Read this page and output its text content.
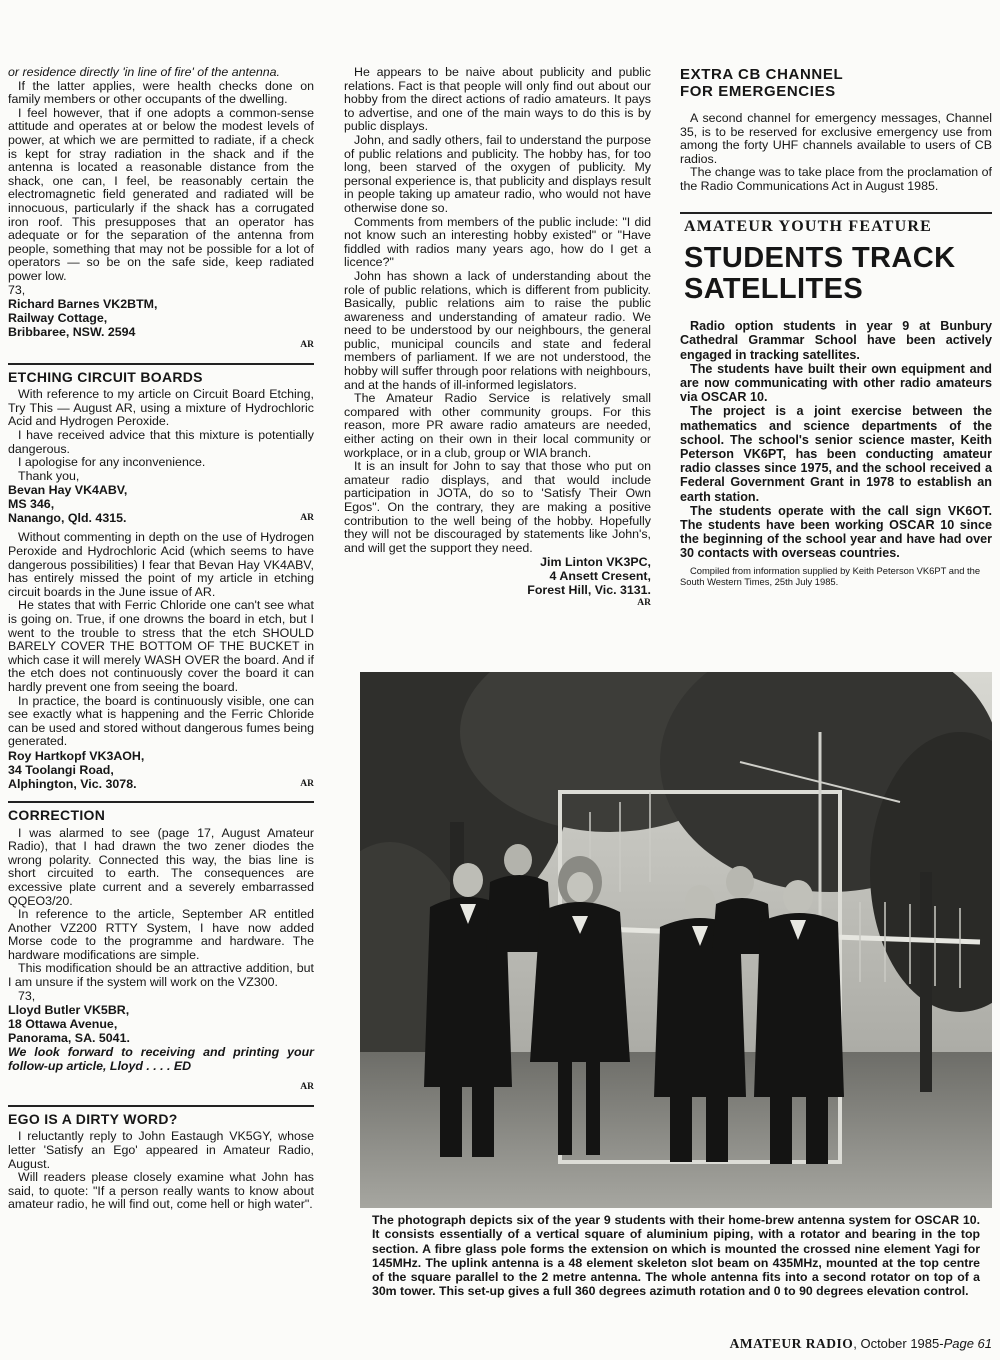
or residence directly 'in line of fire' of the antenna.

If the latter applies, were health checks done on family members or other occupants of the dwelling.

I feel however, that if one adopts a common-sense attitude and operates at or below the modest levels of power, at which we are permitted to radiate, if a check is kept for stray radiation in the shack and if the antenna is located a reasonable distance from the shack, one can, I feel, be reasonably certain the electromagnetic field generated and radiated will be innocuous, particularly if the shack has a corrugated iron roof. This presupposes that an operator has adequate or for the separation of the antenna from people, something that may not be possible for a lot of operators — so be on the safe side, keep radiated power low.

73,

Richard Barnes VK2BTM,
Railway Cottage,
Bribbaree, NSW. 2594
AR
ETCHING CIRCUIT BOARDS

With reference to my article on Circuit Board Etching, Try This — August AR, using a mixture of Hydrochloric Acid and Hydrogen Peroxide.

I have received advice that this mixture is potentially dangerous.

I apologise for any inconvenience.

Thank you,

Bevan Hay VK4ABV,
MS 346,
Nanango, Qld. 4315.	AR

Without commenting in depth on the use of Hydrogen Peroxide and Hydrochloric Acid (which seems to have dangerous possibilities) I fear that Bevan Hay VK4ABV, has entirely missed the point of my article in etching circuit boards in the June issue of AR.

He states that with Ferric Chloride one can't see what is going on. True, if one drowns the board in etch, but I went to the trouble to stress that the etch SHOULD BARELY COVER THE BOTTOM OF THE BUCKET in which case it will merely WASH OVER the board. And if the etch does not continuously cover the board it can hardly prevent one from seeing the board.

In practice, the board is continuously visible, one can see exactly what is happening and the Ferric Chloride can be used and stored without dangerous fumes being generated.

Roy Hartkopf VK3AOH,
34 Toolangi Road,
Alphington, Vic. 3078.	AR
CORRECTION

I was alarmed to see (page 17, August Amateur Radio), that I had drawn the two zener diodes the wrong polarity. Connected this way, the bias line is short circuited to earth. The consequences are excessive plate current and a severely embarrassed QQEO3/20.

In reference to the article, September AR entitled Another VZ200 RTTY System, I have now added Morse code to the programme and hardware. The hardware modifications are simple.

This modification should be an attractive addition, but I am unsure if the system will work on the VZ300.

73,

Lloyd Butler VK5BR,
18 Ottawa Avenue,
Panorama, SA. 5041.
We look forward to receiving and printing your follow-up article, Lloyd . . . . ED
AR
EGO IS A DIRTY WORD?

I reluctantly reply to John Eastaugh VK5GY, whose letter 'Satisfy an Ego' appeared in Amateur Radio, August.

Will readers please closely examine what John has said, to quote: "If a person really wants to know about amateur radio, he will find out, come hell or high water".

He appears to be naive about publicity and public relations. Fact is that people will only find out about our hobby from the direct actions of radio amateurs. It pays to advertise, and one of the main ways to do this is by public displays.

John, and sadly others, fail to understand the purpose of public relations and publicity. The hobby has, for too long, been starved of the oxygen of publicity. My personal experience is, that publicity and displays result in people taking up amateur radio, who would not have otherwise done so.

Comments from members of the public include: "I did not know such an interesting hobby existed" or "Have fiddled with radios many years ago, how do I get a licence?"

John has shown a lack of understanding about the role of public relations, which is different from publicity. Basically, public relations aim to raise the public awareness and understanding of amateur radio. We need to be understood by our neighbours, the general public, municipal councils and state and federal members of parliament. If we are not understood, the hobby will suffer through poor relations with neighbours, and at the hands of ill-informed legislators.

The Amateur Radio Service is relatively small compared with other community groups. For this reason, more PR aware radio amateurs are needed, either acting on their own in their local community or workplace, or in a club, group or WIA branch.

It is an insult for John to say that those who put on amateur radio displays, and that would include participation in JOTA, do so to 'Satisfy Their Own Egos". On the contrary, they are making a positive contribution to the well being of the hobby. Hopefully they will not be discouraged by statements like John's, and will get the support they need.

Jim Linton VK3PC,
4 Ansett Cresent,
Forest Hill, Vic. 3131.
AR
EXTRA CB CHANNEL
FOR EMERGENCIES

A second channel for emergency messages, Channel 35, is to be reserved for exclusive emergency use from among the forty UHF channels available to users of CB radios.

The change was to take place from the proclamation of the Radio Communications Act in August 1985.

AMATEUR YOUTH FEATURE
STUDENTS TRACK
SATELLITES

Radio option students in year 9 at Bunbury Cathedral Grammar School have been actively engaged in tracking satellites.

The students have built their own equipment and are now communicating with other radio amateurs via OSCAR 10.

The project is a joint exercise between the mathematics and science departments of the school. The school's senior science master, Keith Peterson VK6PT, has been conducting amateur radio classes since 1975, and the school received a Federal Government Grant in 1978 to establish an earth station.

The students operate with the call sign VK6OT. The students have been working OSCAR 10 since the beginning of the school year and have had over 30 contacts with overseas countries.

Compiled from information supplied by Keith Peterson VK6PT and the South Western Times, 25th July 1985.

The photograph depicts six of the year 9 students with their home-brew antenna system for OSCAR 10. It consists essentially of a vertical square of aluminium piping, with a rotator and bearing in the top section. A fibre glass pole forms the extension on which is mounted the crossed nine element Yagi for 145MHz. The uplink antenna is a 48 element skeleton slot beam on 435MHz, mounted at the top centre of the square parallel to the 2 metre antenna. The whole antenna fits into a second rotator on top of a 30m tower. This set-up gives a full 360 degrees azimuth rotation and 0 to 90 degrees elevation control.
AMATEUR RADIO, October 1985-Page 61
